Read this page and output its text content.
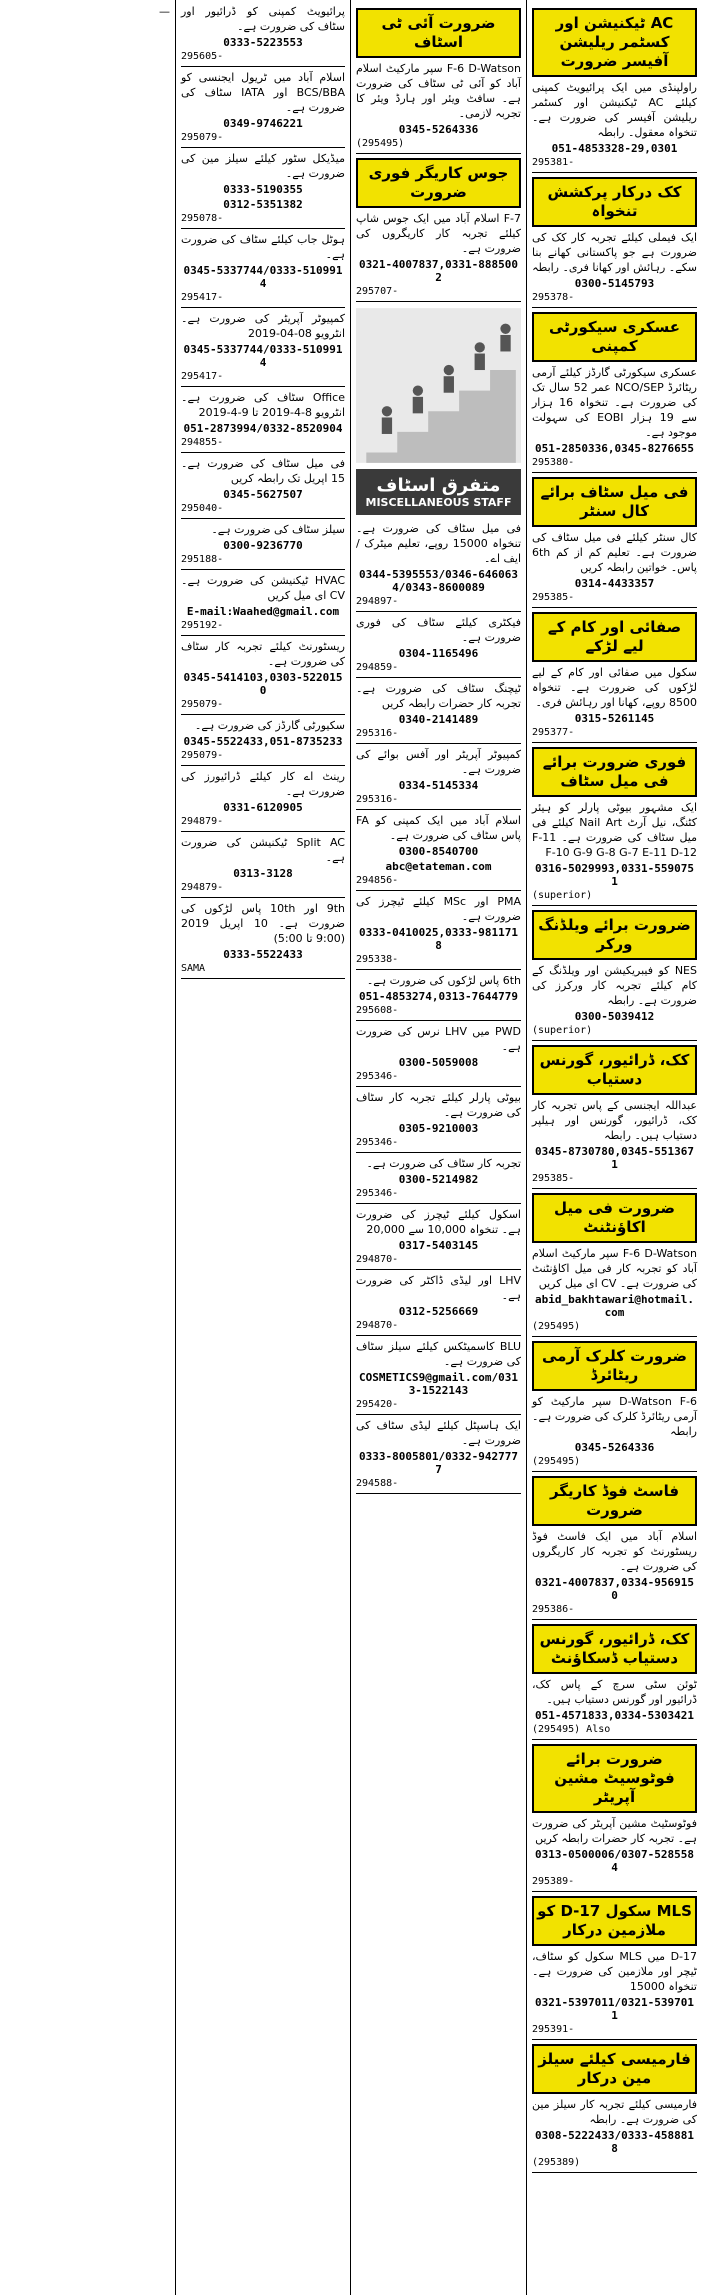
AC ٹیکنیشن اور کسٹمر ریلیشن آفیسر ضرورت
راولپنڈی میں ایک پرائیویٹ کمپنی کیلئے AC ٹیکنیشن اور کسٹمر ریلیشن آفیسر کی ضرورت ہے۔ تنخواہ معقول۔ رابطہ
051-4853328-29,0301
295381-
کک درکار پرکشش تنخواہ
ایک فیملی کیلئے تجربہ کار کک کی ضرورت ہے جو پاکستانی کھانے بنا سکے۔ رہائش اور کھانا فری۔ رابطہ
0300-5145793
295378-
عسکری سیکورٹی کمپنی
عسکری سیکورٹی گارڈز کیلئے آرمی ریٹائرڈ NCO/SEP عمر 52 سال تک کی ضرورت ہے۔ تنخواہ 16 ہزار سے 19 ہزار EOBI کی سہولت موجود ہے۔
051-2850336,0345-8276655
295380-
فی میل سٹاف برائے کال سنٹر
کال سنٹر کیلئے فی میل سٹاف کی ضرورت ہے۔ تعلیم کم از کم 6th پاس۔ خواتین رابطہ کریں
0314-4433357
295385-
صفائی اور کام کے لیے لڑکے
سکول میں صفائی اور کام کے لیے لڑکوں کی ضرورت ہے۔ تنخواہ 8500 روپے، کھانا اور رہائش فری۔
0315-5261145
295377-
فوری ضرورت برائے فی میل سٹاف
ایک مشہور بیوٹی پارلر کو ہیئر کٹنگ، نیل آرٹ Nail Art کیلئے فی میل سٹاف کی ضرورت ہے۔ F-11 F-10 G-9 G-8 G-7 E-11 D-12
0316-5029993,0331-5590751
(superior)
ضرورت برائے ویلڈنگ ورکر
NES کو فیبریکیشن اور ویلڈنگ کے کام کیلئے تجربہ کار ورکرز کی ضرورت ہے۔ رابطہ
0300-5039412
(superior)
کک، ڈرائیور، گورنس دستیاب
عبداللہ ایجنسی کے پاس تجربہ کار کک، ڈرائیور، گورنس اور ہیلپر دستیاب ہیں۔ رابطہ
0345-8730780,0345-5513671
295385-
ضرورت فی میل اکاؤنٹنٹ
F-6 D-Watson سپر مارکیٹ اسلام آباد کو تجربہ کار فی میل اکاؤنٹنٹ کی ضرورت ہے۔ CV ای میل کریں
abid_bakhtawari@hotmail.com
(295495)
ضرورت کلرک آرمی ریٹائرڈ
D-Watson F-6 سپر مارکیٹ کو آرمی ریٹائرڈ کلرک کی ضرورت ہے۔ رابطہ
0345-5264336
(295495)
فاسٹ فوڈ کاریگر ضرورت
اسلام آباد میں ایک فاسٹ فوڈ ریسٹورنٹ کو تجربہ کار کاریگروں کی ضرورت ہے۔
0321-4007837,0334-9569150
295386-
کک، ڈرائیور، گورنس دستیاب ڈسکاؤنٹ
ٹوئن سٹی سرچ کے پاس کک، ڈرائیور اور گورنس دستیاب ہیں۔
051-4571833,0334-5303421
(295495) Also
ضرورت برائے فوٹوسیٹ مشین آپریٹر
فوٹوسٹیٹ مشین آپریٹر کی ضرورت ہے۔ تجربہ کار حضرات رابطہ کریں
0313-0500006/0307-5285584
295389-
MLS سکول D-17 کو ملازمین درکار
D-17 میں MLS سکول کو سٹاف، ٹیچر اور ملازمین کی ضرورت ہے۔ تنخواہ 15000
0321-5397011/0321-5397011
295391-
فارمیسی کیلئے سیلز مین درکار
فارمیسی کیلئے تجربہ کار سیلز مین کی ضرورت ہے۔ رابطہ
0308-5222433/0333-4588818
(295389)
ضرورت آئی ٹی اسٹاف
F-6 D-Watson سپر مارکیٹ اسلام آباد کو آئی ٹی سٹاف کی ضرورت ہے۔ سافٹ ویئر اور ہارڈ ویئر کا تجربہ لازمی۔
0345-5264336
(295495)
جوس کاریگر فوری ضرورت
F-7 اسلام آباد میں ایک جوس شاپ کیلئے تجربہ کار کاریگروں کی ضرورت ہے۔
0321-4007837,0331-8885002
295707-
متفرق اسٹاف
MISCELLANEOUS STAFF
فی میل سٹاف کی ضرورت ہے۔ تنخواہ 15000 روپے، تعلیم میٹرک / ایف اے۔
0344-5395553/0346-6460634/0343-8600089
294897-
فیکٹری کیلئے سٹاف کی فوری ضرورت ہے۔
0304-1165496
294859-
ٹیچنگ سٹاف کی ضرورت ہے۔ تجربہ کار حضرات رابطہ کریں
0340-2141489
295316-
کمپیوٹر آپریٹر اور آفس بوائے کی ضرورت ہے۔
0334-5145334
295316-
اسلام آباد میں ایک کمپنی کو FA پاس سٹاف کی ضرورت ہے۔
0300-8540700
abc@etateman.com
294856-
PMA اور MSc کیلئے ٹیچرز کی ضرورت ہے۔
0333-0410025,0333-9811718
295338-
6th پاس لڑکوں کی ضرورت ہے۔
051-4853274,0313-7644779
295608-
PWD میں LHV نرس کی ضرورت ہے۔
0300-5059008
295346-
بیوٹی پارلر کیلئے تجربہ کار سٹاف کی ضرورت ہے۔
0305-9210003
295346-
تجربہ کار سٹاف کی ضرورت ہے۔
0300-5214982
295346-
اسکول کیلئے ٹیچرز کی ضرورت ہے۔ تنخواہ 10,000 سے 20,000
0317-5403145
294870-
LHV اور لیڈی ڈاکٹر کی ضرورت ہے۔
0312-5256669
294870-
BLU کاسمیٹکس کیلئے سیلز سٹاف کی ضرورت ہے۔
COSMETICS9@gmail.com/0313-1522143
295420-
ایک ہاسپٹل کیلئے لیڈی سٹاف کی ضرورت ہے۔
0333-8005801/0332-9427777
294588-
پرائیویٹ کمپنی کو ڈرائیور اور سٹاف کی ضرورت ہے۔
0333-5223553
295605-
اسلام آباد میں ٹریول ایجنسی کو BCS/BBA اور IATA سٹاف کی ضرورت ہے۔
0349-9746221
295079-
میڈیکل سٹور کیلئے سیلز مین کی ضرورت ہے۔
0333-5190355
0312-5351382
295078-
ہوٹل جاب کیلئے سٹاف کی ضرورت ہے۔
0345-5337744/0333-5109914
295417-
کمپیوٹر آپریٹر کی ضرورت ہے۔ انٹرویو 08-04-2019
0345-5337744/0333-5109914
295417-
Office سٹاف کی ضرورت ہے۔ انٹرویو 8-4-2019 تا 9-4-2019
051-2873994/0332-8520904
294855-
فی میل سٹاف کی ضرورت ہے۔ 15 اپریل تک رابطہ کریں
0345-5627507
295040-
سیلز سٹاف کی ضرورت ہے۔
0300-9236770
295188-
HVAC ٹیکنیشن کی ضرورت ہے۔ CV ای میل کریں
E-mail:Waahed@gmail.com
295192-
ریسٹورنٹ کیلئے تجربہ کار سٹاف کی ضرورت ہے۔
0345-5414103,0303-5220150
295079-
سکیورٹی گارڈز کی ضرورت ہے۔
0345-5522433,051-8735233
295079-
رینٹ اے کار کیلئے ڈرائیورز کی ضرورت ہے۔
0331-6120905
294879-
Split AC ٹیکنیشن کی ضرورت ہے۔
0313-3128
294879-
9th اور 10th پاس لڑکوں کی ضرورت ہے۔ 10 اپریل 2019 (9:00 تا 5:00)
0333-5522433
SAMA
—
